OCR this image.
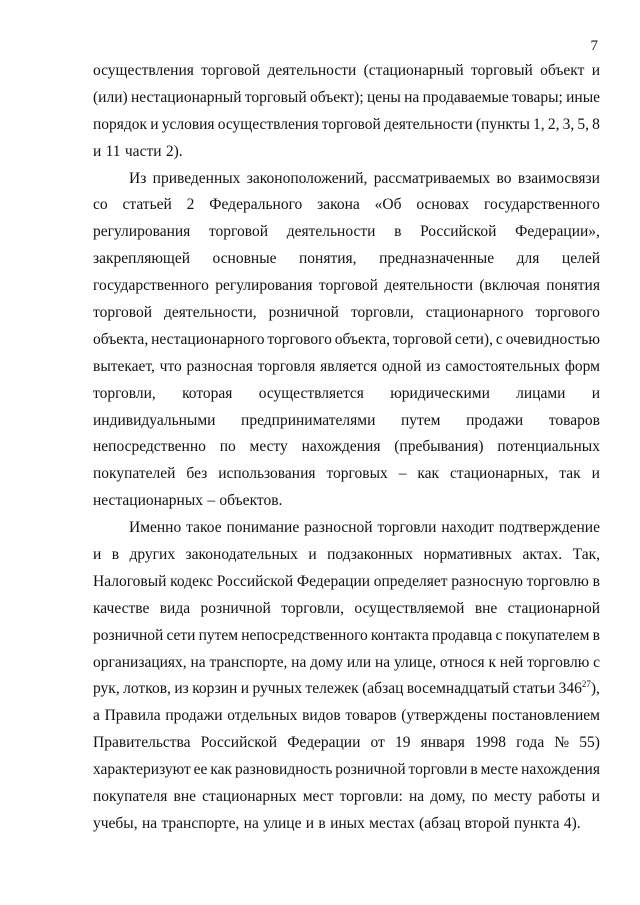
7
осуществления торговой деятельности (стационарный торговый объект и
(или) нестационарный торговый объект); цены на продаваемые товары; иные
порядок и условия осуществления торговой деятельности (пункты 1, 2, 3, 5, 8
и 11 части 2).
Из приведенных законоположений, рассматриваемых во взаимосвязи
со статьей 2 Федерального закона «Об основах государственного
регулирования торговой деятельности в Российской Федерации»,
закрепляющей основные понятия, предназначенные для целей
государственного регулирования торговой деятельности (включая понятия
торговой деятельности, розничной торговли, стационарного торгового
объекта, нестационарного торгового объекта, торговой сети), с очевидностью
вытекает, что разносная торговля является одной из самостоятельных форм
торговли, которая осуществляется юридическими лицами и
индивидуальными предпринимателями путем продажи товаров
непосредственно по месту нахождения (пребывания) потенциальных
покупателей без использования торговых – как стационарных, так и
нестационарных – объектов.
Именно такое понимание разносной торговли находит подтверждение
и в других законодательных и подзаконных нормативных актах. Так,
Налоговый кодекс Российской Федерации определяет разносную торговлю в
качестве вида розничной торговли, осуществляемой вне стационарной
розничной сети путем непосредственного контакта продавца с покупателем в
организациях, на транспорте, на дому или на улице, относя к ней торговлю с
рук, лотков, из корзин и ручных тележек (абзац восемнадцатый статьи $346^{27}$),
а Правила продажи отдельных видов товаров (утверждены постановлением
Правительства Российской Федерации от 19 января 1998 года № 55)
характеризуют ее как разновидность розничной торговли в месте нахождения
покупателя вне стационарных мест торговли: на дому, по месту работы и
учебы, на транспорте, на улице и в иных местах (абзац второй пункта 4).
